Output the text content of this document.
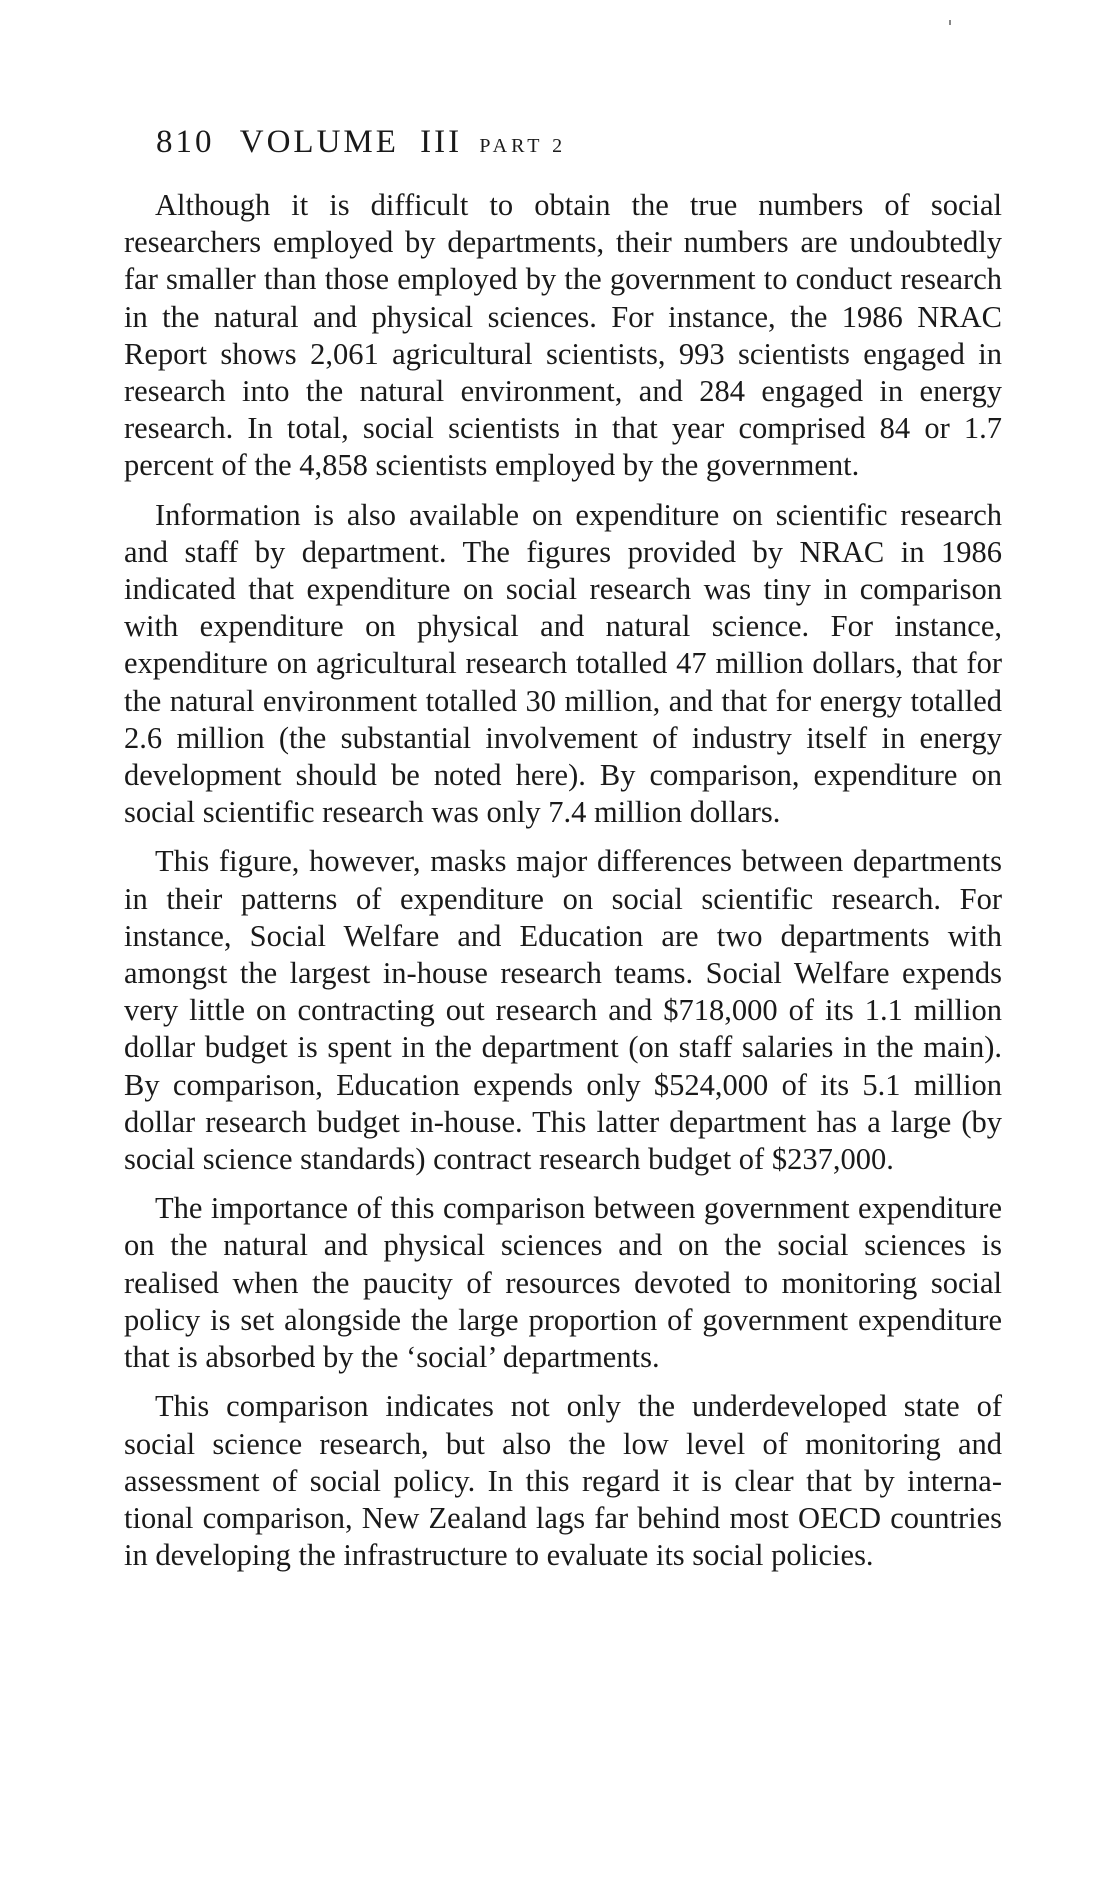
810 VOLUME III PART 2

Although it is difficult to obtain the true numbers of social researchers employed by departments, their numbers are undoubtedly far smaller than those employed by the government to conduct research in the natural and physical sciences. For instance, the 1986 NRAC Report shows 2,061 agricultural scientists, 993 scientists engaged in research into the natural environment, and 284 engaged in energy research. In total, social scientists in that year comprised 84 or 1.7 percent of the 4,858 scientists employed by the government.

Information is also available on expenditure on scientific research and staff by department. The figures provided by NRAC in 1986 indicated that expenditure on social research was tiny in comparison with expenditure on physical and natural science. For instance, expenditure on agricultural research totalled 47 million dollars, that for the natural environment totalled 30 million, and that for energy totalled 2.6 million (the substantial involvement of industry itself in energy development should be noted here). By comparison, expenditure on social scientific research was only 7.4 million dollars.

This figure, however, masks major differences between departments in their patterns of expenditure on social scientific research. For instance, Social Welfare and Education are two departments with amongst the largest in-house research teams. Social Welfare expends very little on contracting out research and $718,000 of its 1.1 million dollar budget is spent in the department (on staff salaries in the main). By comparison, Education expends only $524,000 of its 5.1 million dollar research budget in-house. This latter department has a large (by social science standards) contract research budget of $237,000.

The importance of this comparison between government expenditure on the natural and physical sciences and on the social sciences is realised when the paucity of resources devoted to monitoring social policy is set alongside the large proportion of government expenditure that is absorbed by the ‘social’ departments.

This comparison indicates not only the underdeveloped state of social science research, but also the low level of monitoring and assessment of social policy. In this regard it is clear that by international comparison, New Zealand lags far behind most OECD countries in developing the infrastructure to evaluate its social policies.
